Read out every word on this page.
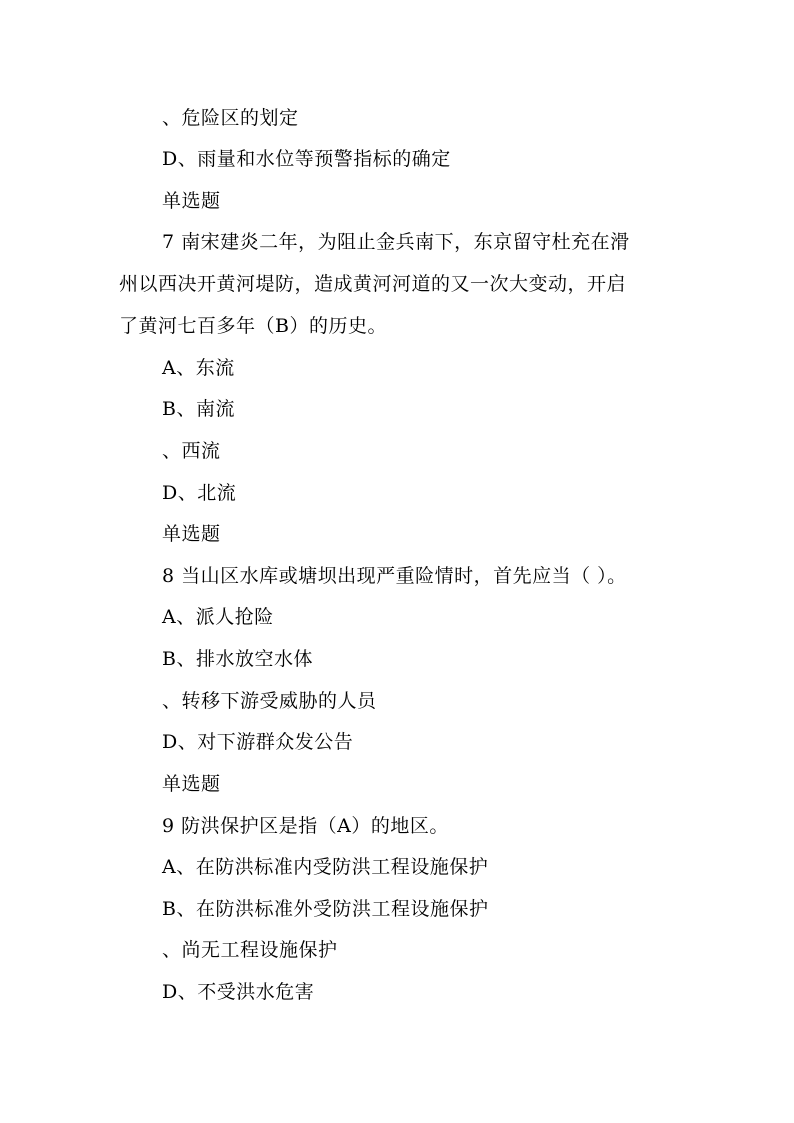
、危险区的划定
D、雨量和水位等预警指标的确定
单选题
7 南宋建炎二年，为阻止金兵南下，东京留守杜充在滑
州以西决开黄河堤防，造成黄河河道的又一次大变动，开启
了黄河七百多年（B）的历史。
A、东流
B、南流
、西流
D、北流
单选题
8 当山区水库或塘坝出现严重险情时，首先应当（ ）。
A、派人抢险
B、排水放空水体
、转移下游受威胁的人员
D、对下游群众发公告
单选题
9 防洪保护区是指（A）的地区。
A、在防洪标准内受防洪工程设施保护
B、在防洪标准外受防洪工程设施保护
、尚无工程设施保护
D、不受洪水危害
